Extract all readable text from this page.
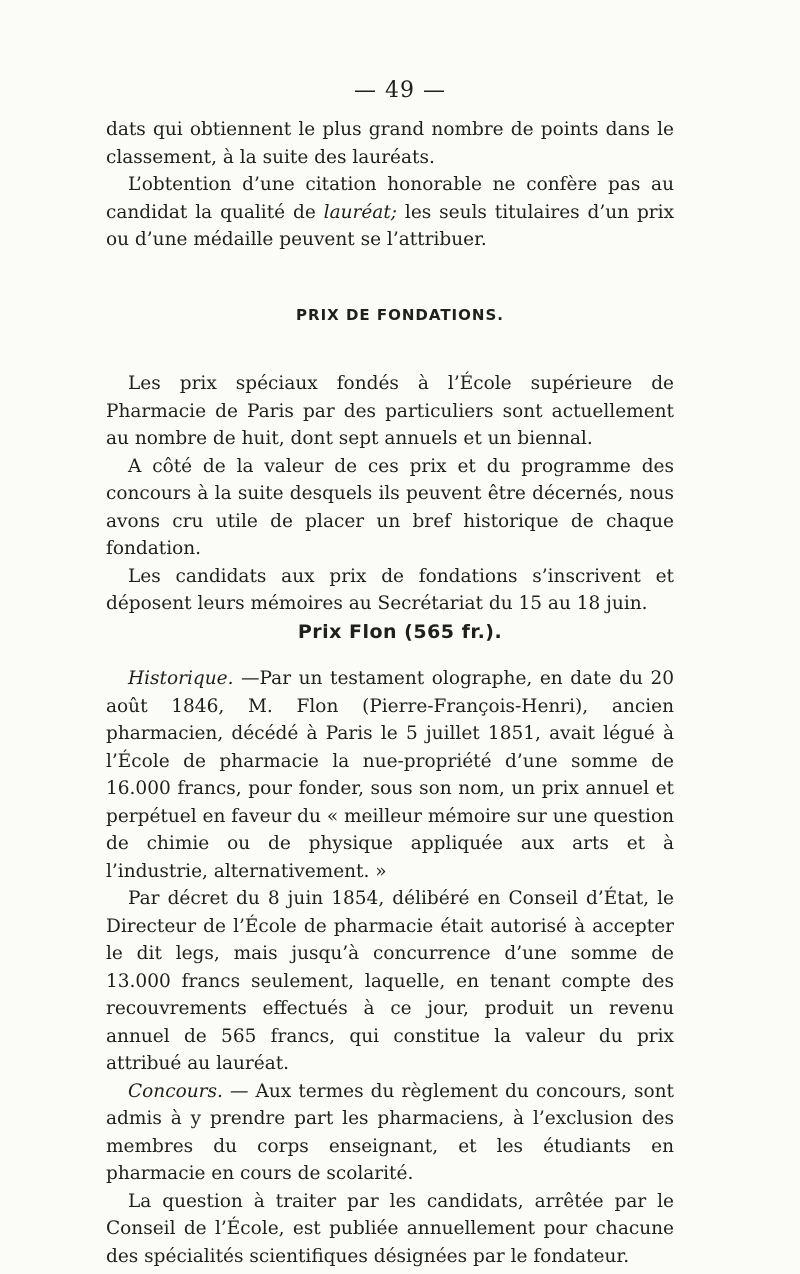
— 49 —

dats qui obtiennent le plus grand nombre de points dans le classement, à la suite des lauréats.

L’obtention d’une citation honorable ne confère pas au candidat la qualité de lauréat; les seuls titulaires d’un prix ou d’une médaille peuvent se l’attribuer.

PRIX DE FONDATIONS.

Les prix spéciaux fondés à l’École supérieure de Pharmacie de Paris par des particuliers sont actuellement au nombre de huit, dont sept annuels et un biennal.

A côté de la valeur de ces prix et du programme des concours à la suite desquels ils peuvent être décernés, nous avons cru utile de placer un bref historique de chaque fondation.

Les candidats aux prix de fondations s’inscrivent et déposent leurs mémoires au Secrétariat du 15 au 18 juin.

Prix Flon (565 fr.).

Historique. —Par un testament olographe, en date du 20 août 1846, M. Flon (Pierre-François-Henri), ancien pharmacien, décédé à Paris le 5 juillet 1851, avait légué à l’École de pharmacie la nue-propriété d’une somme de 16.000 francs, pour fonder, sous son nom, un prix annuel et perpétuel en faveur du « meilleur mémoire sur une question de chimie ou de physique appliquée aux arts et à l’industrie, alternativement. »

Par décret du 8 juin 1854, délibéré en Conseil d’État, le Directeur de l’École de pharmacie était autorisé à accepter le dit legs, mais jusqu’à concurrence d’une somme de 13.000 francs seulement, laquelle, en tenant compte des recouvrements effectués à ce jour, produit un revenu annuel de 565 francs, qui constitue la valeur du prix attribué au lauréat.

Concours. — Aux termes du règlement du concours, sont admis à y prendre part les pharmaciens, à l’exclusion des membres du corps enseignant, et les étudiants en pharmacie en cours de scolarité.

La question à traiter par les candidats, arrêtée par le Conseil de l’École, est publiée annuellement pour chacune des spécialités scientifiques désignées par le fondateur.
